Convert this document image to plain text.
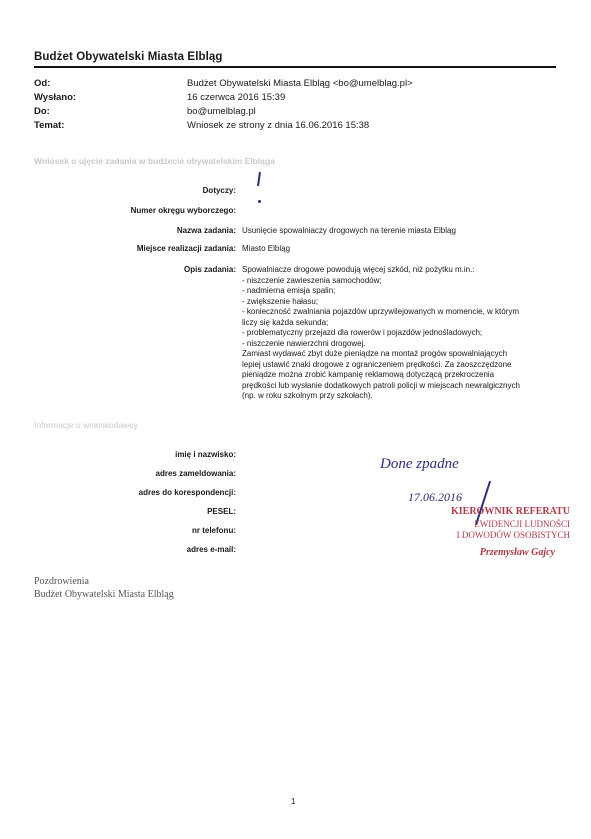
Budżet Obywatelski Miasta Elbląg
Od:	Budżet Obywatelski Miasta Elbląg <bo@umelblag.pl>
Wysłano:	16 czerwca 2016 15:39
Do:	bo@umelblag.pl
Temat:	Wniosek ze strony z dnia 16.06.2016 15:38
Wniosek o ujęcie zadania w budżecie obywatelskim Elbląga
Dotyczy:
Numer okręgu wyborczego:
Nazwa zadania: Usunięcie spowalniaczy drogowych na terenie miasta Elbląg
Miejsce realizacji zadania: Miasto Elbląg
Opis zadania: Spowalniacze drogowe powodują więcej szkód, niż pożytku m.in.:
- niszczenie zawieszenia samochodów;
- nadmierna emisja spalin;
- zwiększenie hałasu;
- konieczność zwalniania pojazdów uprzywilejowanych w momencie, w którym
liczy się każda sekunda;
- problematyczny przejazd dla rowerów i pojazdów jednośladowych;
- niszczenie nawierzchni drogowej.
Zamiast wydawać zbyt duże pieniądze na montaż progów spowalniających
lepiej ustawić znaki drogowe z ograniczeniem prędkości. Za zaoszczędzone
pieniądze można zrobić kampanię reklamową dotyczącą przekroczenia
prędkości lub wysłanie dodatkowych patroli policji w miejscach newralgicznych
(np. w roku szkolnym przy szkołach).
Informacje o wnioskodawcy
imię i nazwisko:
adres zameldowania:
adres do korespondencji:
PESEL:
nr telefonu:
adres e-mail:
Done zpadne
17.06.2016
KIEROWNIK REFERATU
EWIDENCJI LUDNOŚCI
I DOWODÓW OSOBISTYCH
Przemysław Gajcy
Pozdrowienia
Budżet Obywatelski Miasta Elbląg
1
